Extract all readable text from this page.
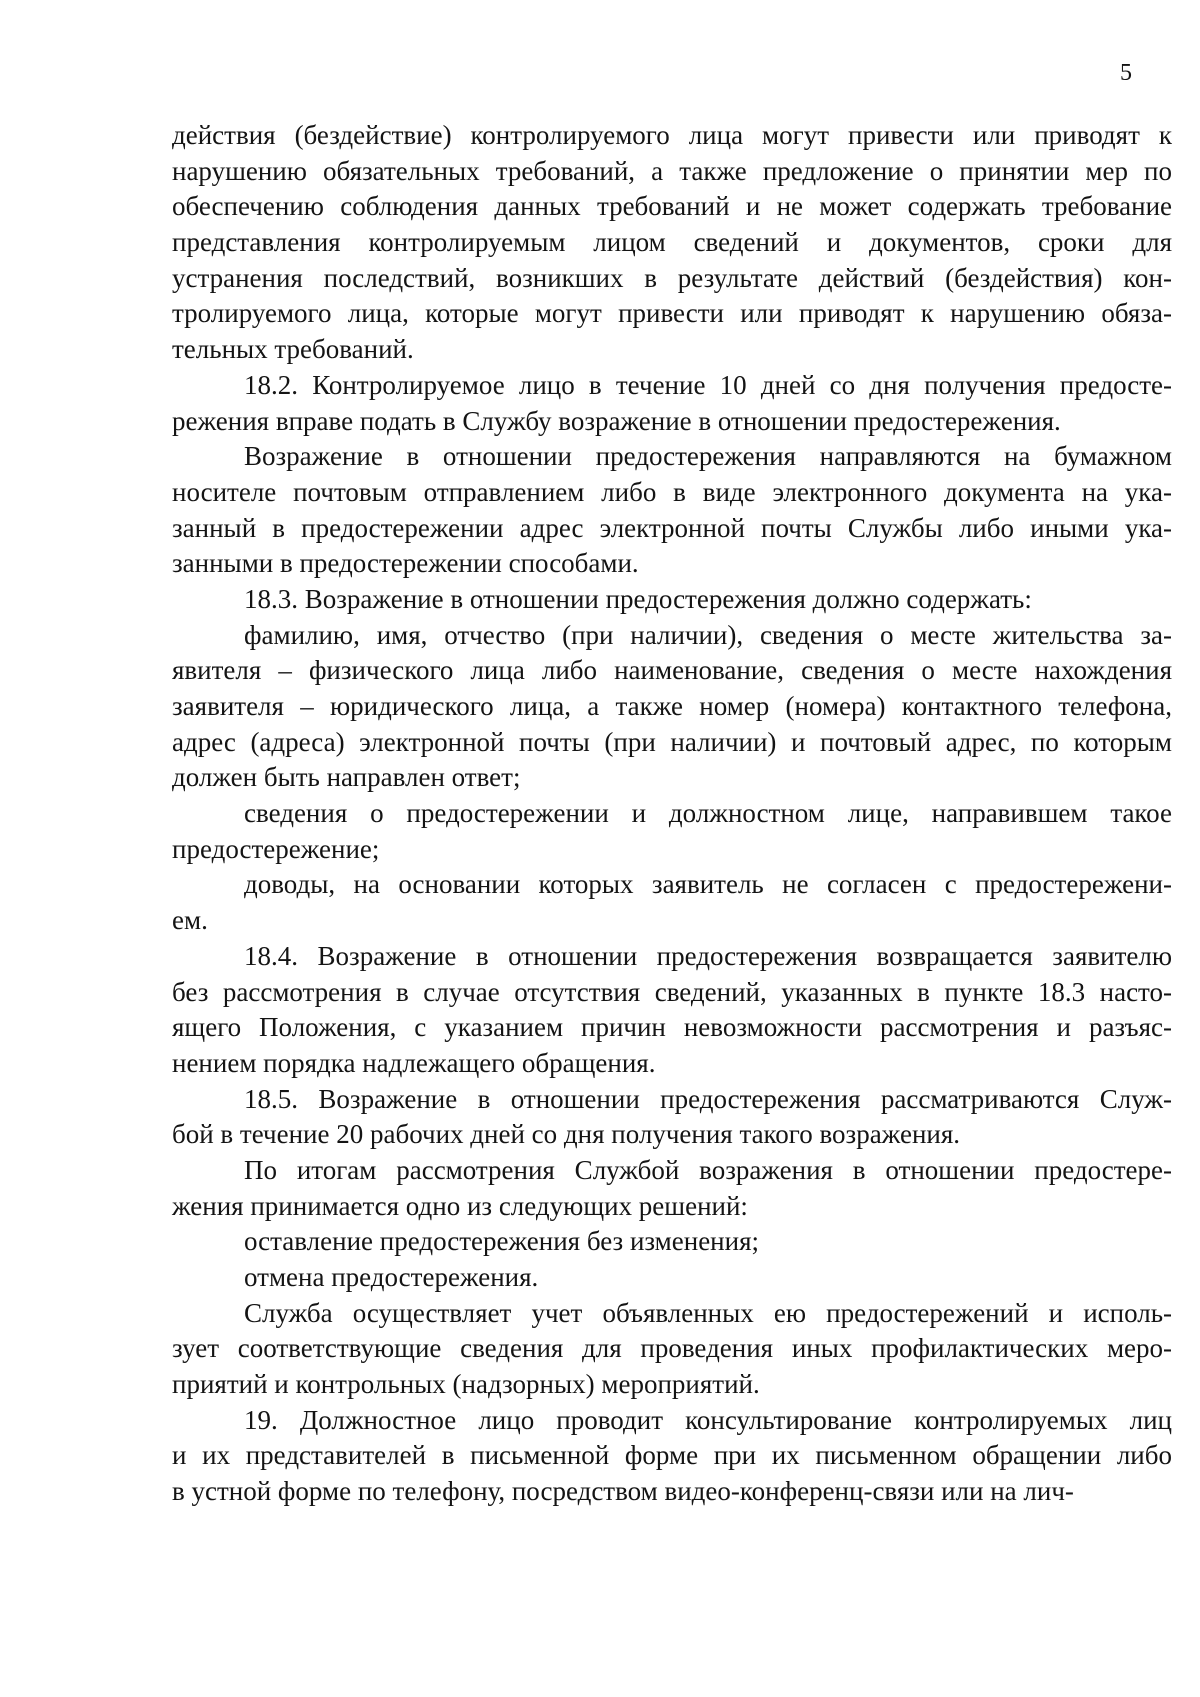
5
действия (бездействие) контролируемого лица могут привести или приводят к
нарушению обязательных требований, а также предложение о принятии мер по
обеспечению соблюдения данных требований и не может содержать требование
представления контролируемым лицом сведений и документов, сроки для
устранения последствий, возникших в результате действий (бездействия) кон-
тролируемого лица, которые могут привести или приводят к нарушению обяза-
тельных требований.
18.2. Контролируемое лицо в течение 10 дней со дня получения предосте-
режения вправе подать в Службу возражение в отношении предостережения.
Возражение в отношении предостережения направляются на бумажном
носителе почтовым отправлением либо в виде электронного документа на ука-
занный в предостережении адрес электронной почты Службы либо иными ука-
занными в предостережении способами.
18.3. Возражение в отношении предостережения должно содержать:
фамилию, имя, отчество (при наличии), сведения о месте жительства за-
явителя – физического лица либо наименование, сведения о месте нахождения
заявителя – юридического лица, а также номер (номера) контактного телефона,
адрес (адреса) электронной почты (при наличии) и почтовый адрес, по которым
должен быть направлен ответ;
сведения о предостережении и должностном лице, направившем такое
предостережение;
доводы, на основании которых заявитель не согласен с предостережени-
ем.
18.4. Возражение в отношении предостережения возвращается заявителю
без рассмотрения в случае отсутствия сведений, указанных в пункте 18.3 насто-
ящего Положения, с указанием причин невозможности рассмотрения и разъяс-
нением порядка надлежащего обращения.
18.5. Возражение в отношении предостережения рассматриваются Служ-
бой в течение 20 рабочих дней со дня получения такого возражения.
По итогам рассмотрения Службой возражения в отношении предостере-
жения принимается одно из следующих решений:
оставление предостережения без изменения;
отмена предостережения.
Служба осуществляет учет объявленных ею предостережений и исполь-
зует соответствующие сведения для проведения иных профилактических меро-
приятий и контрольных (надзорных) мероприятий.
19. Должностное лицо проводит консультирование контролируемых лиц
и их представителей в письменной форме при их письменном обращении либо
в устной форме по телефону, посредством видео-конференц-связи или на лич-
